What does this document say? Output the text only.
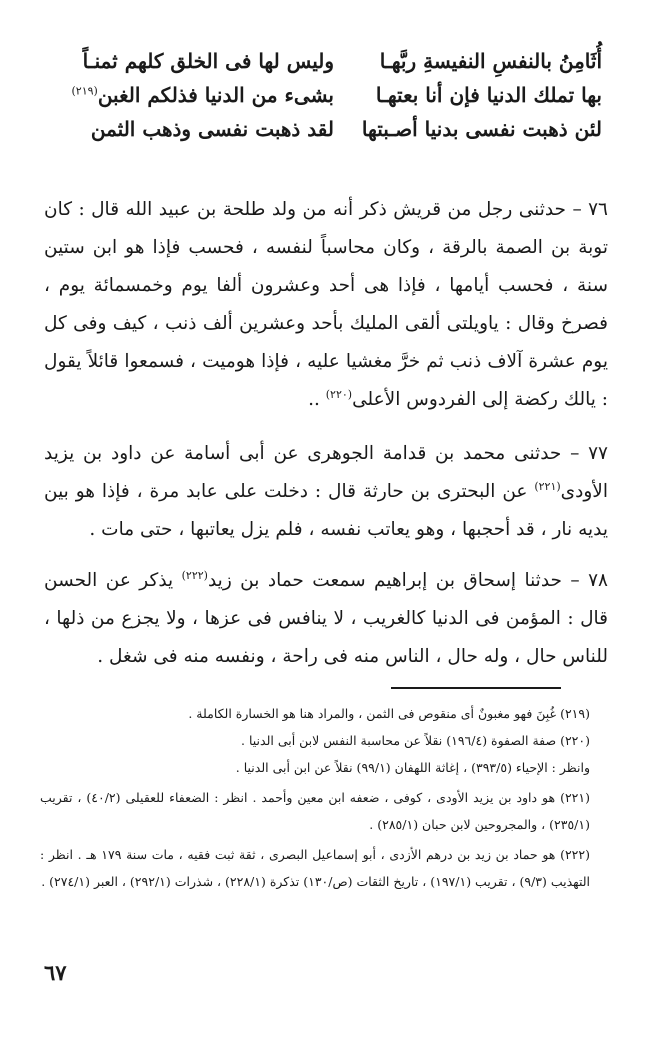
أُثَامِنُ بالنفسِ النفيسةِ ربَّهـا
وليس لها فى الخلق كلهم ثمنـاً
بها تملك الدنيا فإن أنا بعتهـا
بشىء من الدنيا فذلكم الغبن$^{(٢١٩)}$
لئن ذهبت نفسى بدنيا أصـبتها
لقد ذهبت نفسى وذهب الثمن

٧٦ – حدثنى رجل من قريش ذكر أنه من ولد طلحة بن عبيد الله قال : كان توبة بن الصمة بالرقة ، وكان محاسباً لنفسه ، فحسب فإذا هو ابن ستين سنة ، فحسب أيامها ، فإذا هى أحد وعشرون ألفا يوم وخمسمائة يوم ، فصرخ وقال : ياويلتى ألقى المليك بأحد وعشرين ألف ذنب ، كيف وفى كل يوم عشرة آلاف ذنب ثم خرَّ مغشيا عليه ، فإذا هوميت ، فسمعوا قائلاً يقول : يالك ركضة إلى الفردوس الأعلى$^{(٢٢٠)}$ ..

٧٧ – حدثنى محمد بن قدامة الجوهرى عن أبى أسامة عن داود بن يزيد الأودى$^{(٢٢١)}$ عن البحترى بن حارثة قال : دخلت على عابد مرة ، فإذا هو بين يديه نار ، قد أحجبها ، وهو يعاتب نفسه ، فلم يزل يعاتبها ، حتى مات .

٧٨ – حدثنا إسحاق بن إبراهيم سمعت حماد بن زيد$^{(٢٢٢)}$ يذكر عن الحسن قال : المؤمن فى الدنيا كالغريب ، لا ينافس فى عزها ، ولا يجزع من ذلها ، للناس حال ، وله حال ، الناس منه فى راحة ، ونفسه منه فى شغل .

(٢١٩) غُبِنَ فهو مغبونٌ أى منقوص فى الثمن ، والمراد هنا هو الخسارة الكاملة .

(٢٢٠) صفة الصفوة (١٩٦/٤) نقلاً عن محاسبة النفس لابن أبى الدنيا .

وانظر : الإحياء (٣٩٣/٥) ، إغاثة اللهفان (٩٩/١) نقلاً عن ابن أبى الدنيا .

(٢٢١) هو داود بن يزيد الأودى ، كوفى ، ضعفه ابن معين وأحمد . انظر : الضعفاء للعقيلى (٤٠/٢) ، تقريب (٢٣٥/١) ، والمجروحين لابن حبان (٢٨٥/١) .

(٢٢٢) هو حماد بن زيد بن درهم الأزدى ، أبو إسماعيل البصرى ، ثقة ثبت فقيه ، مات سنة ١٧٩ هـ . انظر : التهذيب (٩/٣) ، تقريب (١٩٧/١) ، تاريخ الثقات (ص/١٣٠) تذكرة (٢٢٨/١) ، شذرات (٢٩٢/١) ، العبر (٢٧٤/١) .

٦٧
